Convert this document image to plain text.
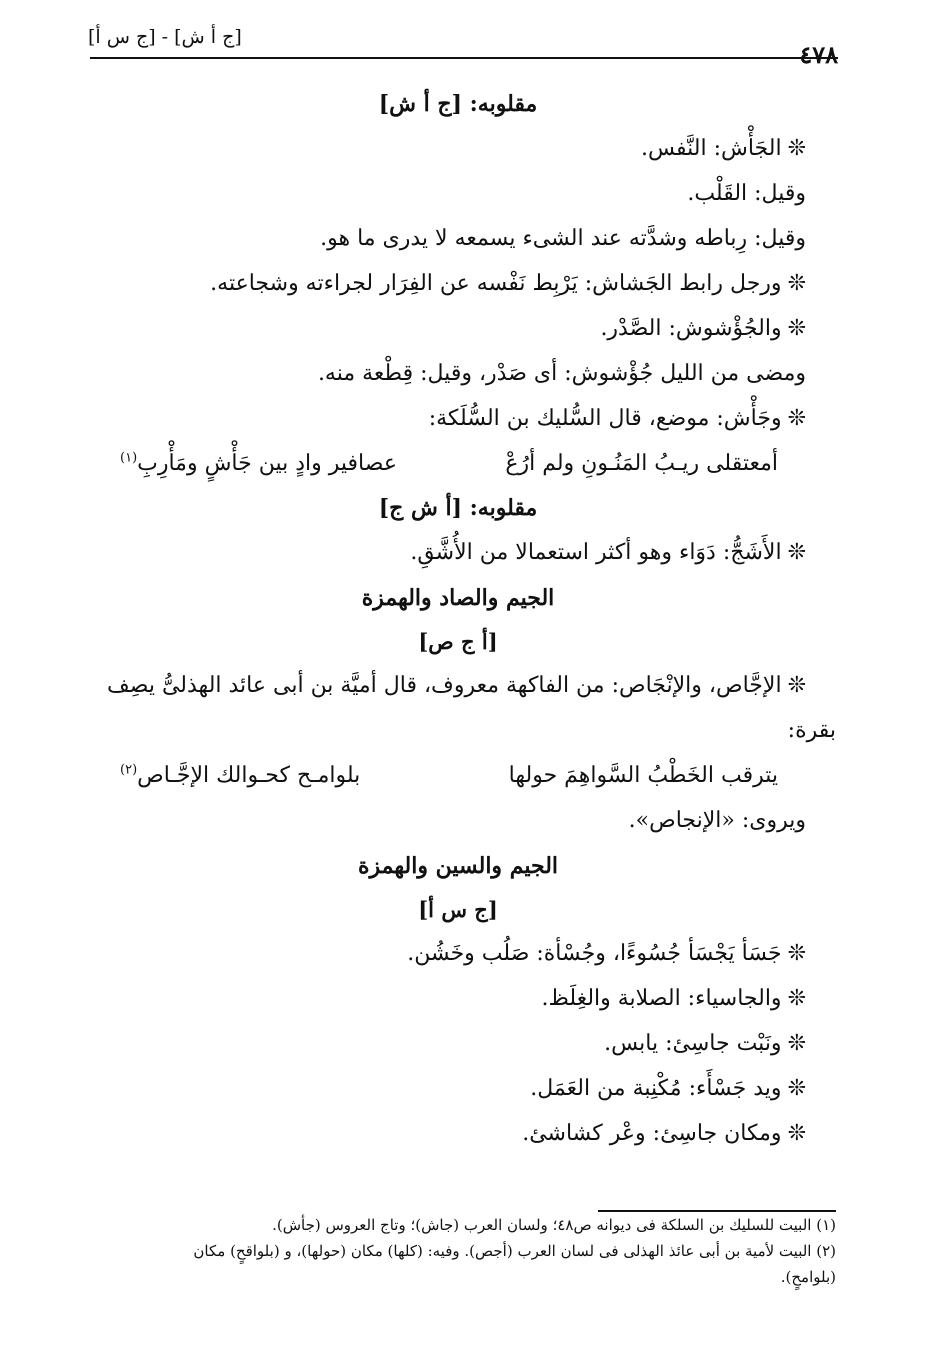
٤٧٨
[ج أ ش] - [ج س أ]
مقلوبه: [ج أ ش]
❊الجَأْش: النَّفس.
وقيل: القَلْب.
وقيل: رِباطه وشدَّته عند الشىء يسمعه لا يدرى ما هو.
❊ورجل رابط الجَشاش: يَرْبِط نَفْسه عن الفِرَار لجراءته وشجاعته.
❊والجُؤْشوش: الصَّدْر.
ومضى من الليل جُؤْشوش: أى صَدْر، وقيل: قِطْعة منه.
❊وجَأْش: موضع، قال السُّليك بن السُّلَكة:
أمعتقلى ريـبُ المَنُـونِ ولم أرُعْ
عصافير وادٍ بين جَأْشٍ ومَأْرِبِ$^{(١)}$
مقلوبه: [أ ش ج]
❊الأَشَجُّ: دَوَاء وهو أكثر استعمالا من الأُشَّقِ.
الجيم والصاد والهمزة
[أ ج ص]
❊الإجَّاص، والإنْجَاص: من الفاكهة معروف، قال أميَّة بن أبى عائد الهذلىُّ يصِف
بقرة:
يترقب الخَطْبُ السَّواهِمَ حولها
بلوامـح كحـوالك الإجَّـاص$^{(٢)}$
ويروى: «الإنجاص».
الجيم والسين والهمزة
[ج س أ]
❊جَسَأ يَجْسَأ جُسُوءًا، وجُسْأة: صَلُب وخَشُن.
❊والجاسياء: الصلابة والغِلَظ.
❊ونَبْت جاسِئ: يابس.
❊ويد جَسْأَء: مُكْنِبة من العَمَل.
❊ومكان جاسِئ: وعْر كشاشئ.
(١) البيت للسليك بن السلكة فى ديوانه ص٤٨؛ ولسان العرب (جاش)؛ وتاج العروس (جأش).
(٢) البيت لأمية بن أبى عائذ الهذلى فى لسان العرب (أجص). وفيه: (كلها) مكان (حولها)، و (بلواقحٍ) مكان
(بلوامحٍ).
